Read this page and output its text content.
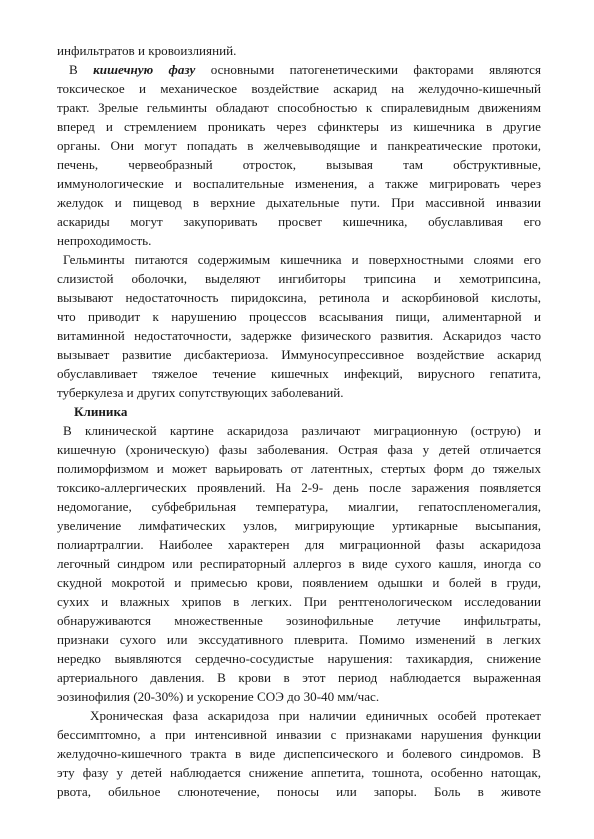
инфильтратов и кровоизлияний.
В кишечную фазу основными патогенетическими факторами являются
токсическое и механическое воздействие аскарид на желудочно-кишечный
тракт. Зрелые гельминты обладают способностью к спиралевидным движениям
вперед и стремлением проникать через сфинктеры из кишечника в другие
органы. Они могут попадать в желчевыводящие и панкреатические протоки,
печень, червеобразный отросток, вызывая там обструктивные,
иммунологические и воспалительные изменения, а также мигрировать через
желудок и пищевод в верхние дыхательные пути. При массивной инвазии
аскариды могут закупоривать просвет кишечника, обуславливая его
непроходимость.
Гельминты питаются содержимым кишечника и поверхностными слоями его
слизистой оболочки, выделяют ингибиторы трипсина и хемотрипсина,
вызывают недостаточность пиридоксина, ретинола и аскорбиновой кислоты,
что приводит к нарушению процессов всасывания пищи, алиментарной и
витаминной недостаточности, задержке физического развития. Аскаридоз часто
вызывает развитие дисбактериоза. Иммуносупрессивное воздействие аскарид
обуславливает тяжелое течение кишечных инфекций, вирусного гепатита,
туберкулеза и других сопутствующих заболеваний.
Клиника
В клинической картине аскаридоза различают миграционную (острую) и
кишечную (хроническую) фазы заболевания. Острая фаза у детей отличается
полиморфизмом и может варьировать от латентных, стертых форм до тяжелых
токсико-аллергических проявлений. На 2-9- день после заражения появляется
недомогание, субфебрильная температура, миалгии, гепатоспленомегалия,
увеличение лимфатических узлов, мигрирующие уртикарные высыпания,
полиартралгии. Наиболее характерен для миграционной фазы аскаридоза
легочный синдром или респираторный аллергоз в виде сухого кашля, иногда со
скудной мокротой и примесью крови, появлением одышки и болей в груди,
сухих и влажных хрипов в легких. При рентгенологическом исследовании
обнаруживаются множественные эозинофильные летучие инфильтраты,
признаки сухого или экссудативного плеврита. Помимо изменений в легких
нередко выявляются сердечно-сосудистые нарушения: тахикардия, снижение
артериального давления. В крови в этот период наблюдается выраженная
эозинофилия (20-30%) и ускорение СОЭ до 30-40 мм/час.
Хроническая фаза аскаридоза при наличии единичных особей протекает
бессимптомно, а при интенсивной инвазии с признаками нарушения функции
желудочно-кишечного тракта в виде диспепсического и болевого синдромов. В
эту фазу у детей наблюдается снижение аппетита, тошнота, особенно натощак,
рвота, обильное слюнотечение, поносы или запоры. Боль в животе
